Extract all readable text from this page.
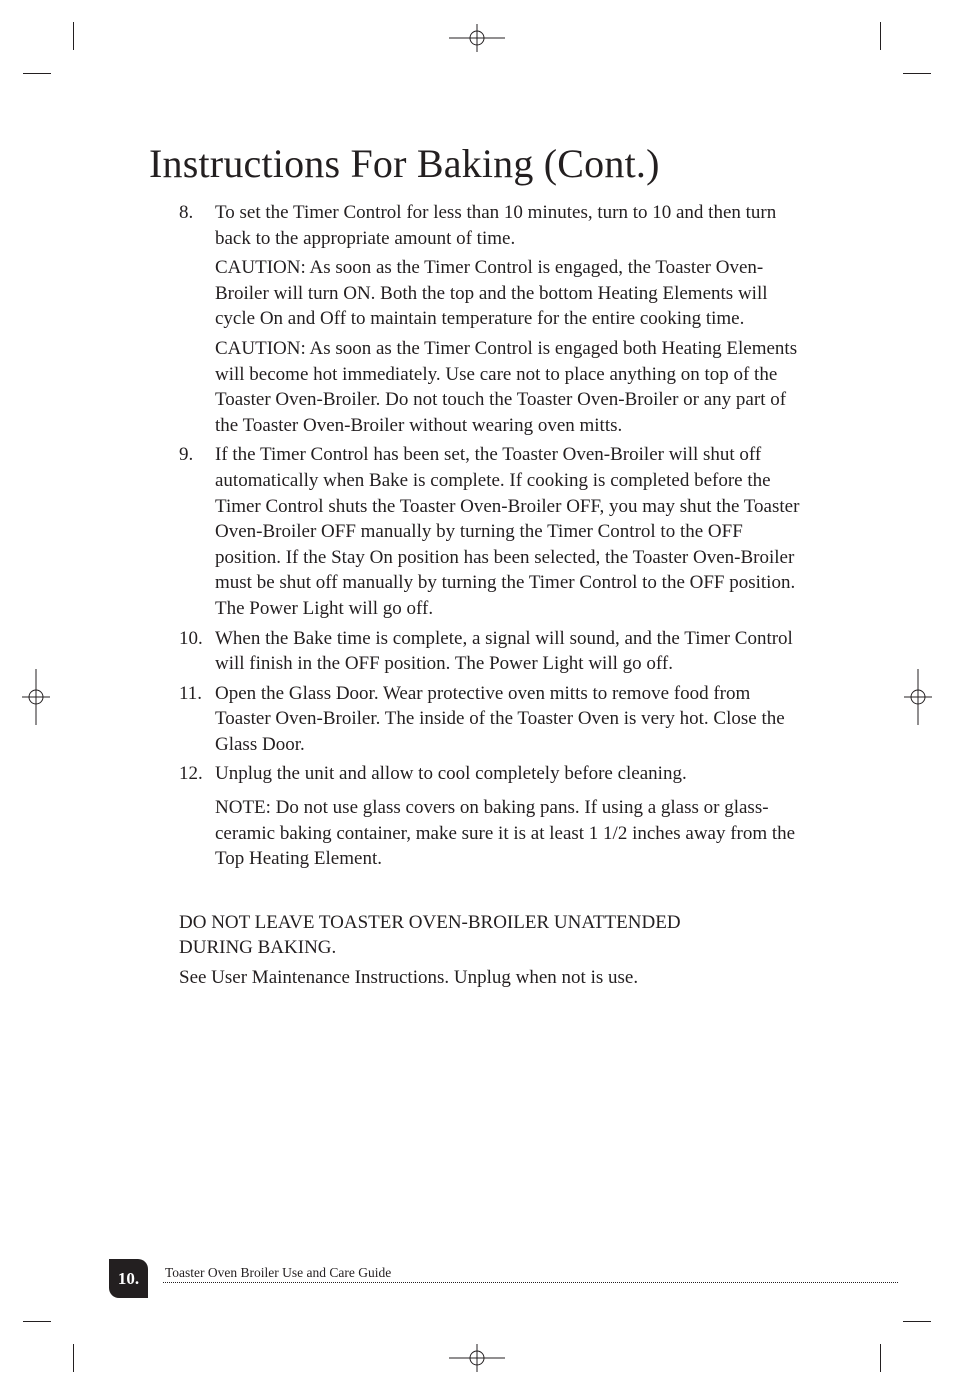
Instructions For Baking (Cont.)
8. To set the Timer Control for less than 10 minutes, turn to 10 and then turn back to the appropriate amount of time.

CAUTION: As soon as the Timer Control is engaged, the Toaster Oven-Broiler will turn ON. Both the top and the bottom Heating Elements will cycle On and Off to maintain temperature for the entire cooking time.

CAUTION: As soon as the Timer Control is engaged both Heating Elements will become hot immediately. Use care not to place anything on top of the Toaster Oven-Broiler. Do not touch the Toaster Oven-Broiler or any part of the Toaster Oven-Broiler without wearing oven mitts.

9. If the Timer Control has been set, the Toaster Oven-Broiler will shut off automatically when Bake is complete. If cooking is completed before the Timer Control shuts the Toaster Oven-Broiler OFF, you may shut the Toaster Oven-Broiler OFF manually by turning the Timer Control to the OFF position. If the Stay On position has been selected, the Toaster Oven-Broiler must be shut off manually by turning the Timer Control to the OFF position. The Power Light will go off.

10. When the Bake time is complete, a signal will sound, and the Timer Control will finish in the OFF position. The Power Light will go off.

11. Open the Glass Door. Wear protective oven mitts to remove food from Toaster Oven-Broiler. The inside of the Toaster Oven is very hot. Close the Glass Door.

12. Unplug the unit and allow to cool completely before cleaning.

NOTE: Do not use glass covers on baking pans. If using a glass or glass-ceramic baking container, make sure it is at least 1 1/2 inches away from the Top Heating Element.

DO NOT LEAVE TOASTER OVEN-BROILER UNATTENDED DURING BAKING.

See User Maintenance Instructions. Unplug when not is use.

10.	Toaster Oven Broiler Use and Care Guide
